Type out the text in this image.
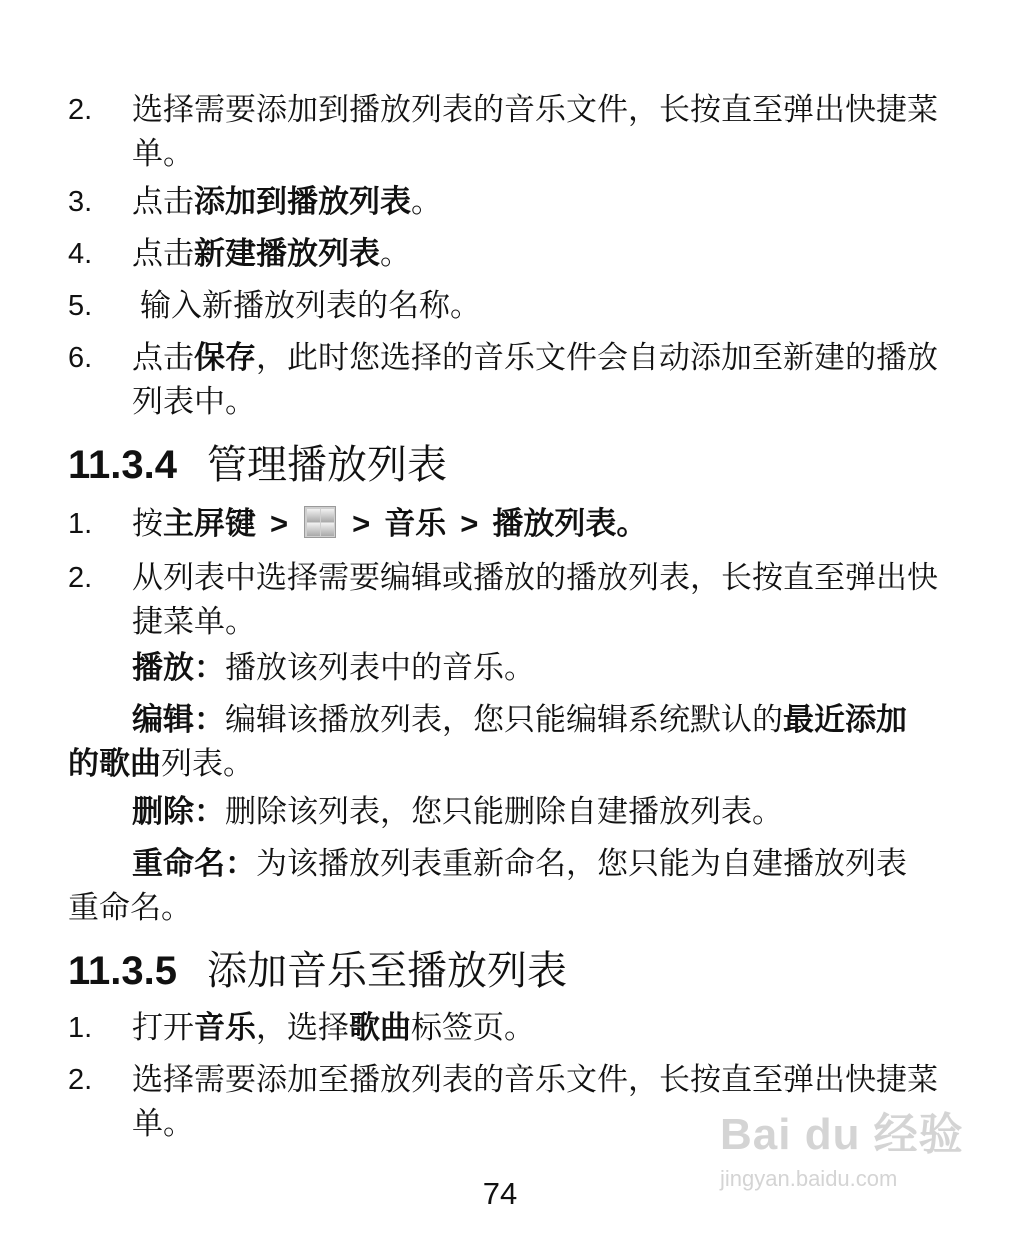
2.	选择需要添加到播放列表的音乐文件，长按直至弹出快捷菜单。
3.	点击添加到播放列表。
4.	点击新建播放列表。
5.	输入新播放列表的名称。
6.	点击保存，此时您选择的音乐文件会自动添加至新建的播放列表中。
11.3.4 管理播放列表
1.	按主屏键 > > 音乐 > 播放列表。
2.	从列表中选择需要编辑或播放的播放列表，长按直至弹出快捷菜单。
播放：播放该列表中的音乐。
编辑：编辑该播放列表，您只能编辑系统默认的最近添加的歌曲列表。
删除：删除该列表，您只能删除自建播放列表。
重命名：为该播放列表重新命名，您只能为自建播放列表重命名。
11.3.5 添加音乐至播放列表
1.	打开音乐，选择歌曲标签页。
2.	选择需要添加至播放列表的音乐文件，长按直至弹出快捷菜单。	Bai du 经验
jingyan.baidu.com
74
